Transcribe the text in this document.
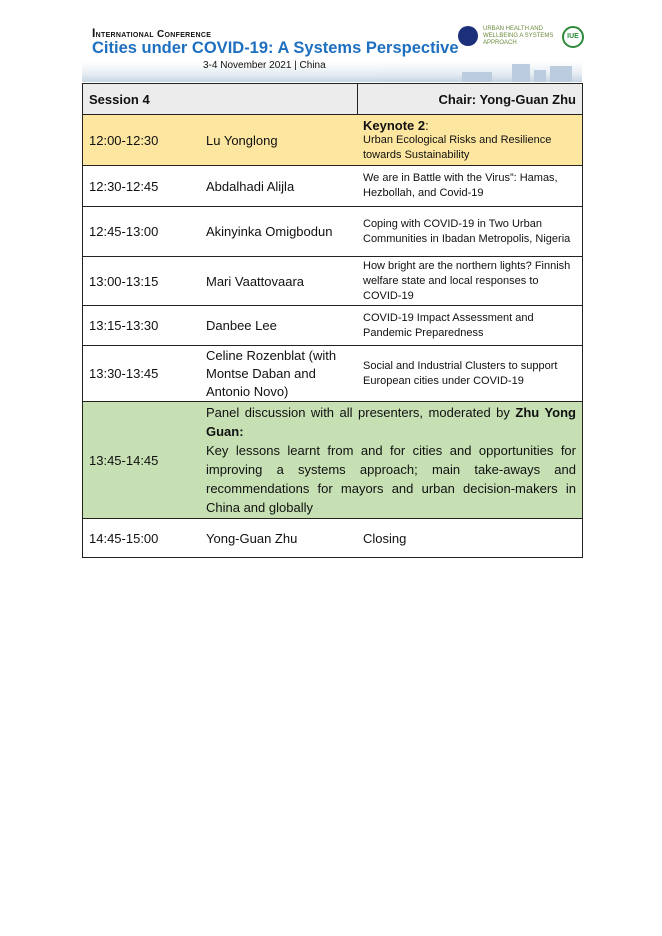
International Conference
Cities under COVID-19: A Systems Perspective
3-4 November 2021 | China
URBAN HEALTH AND WELLBEING A SYSTEMS APPROACH
IUE
Session 4		Chair: Yong-Guan Zhu
12:00-12:30	Lu Yonglong	Keynote 2:
Urban Ecological Risks and Resilience towards Sustainability

12:30-12:45	Abdalhadi Alijla	We are in Battle with the Virus”: Hamas, Hezbollah, and Covid-19
12:45-13:00	Akinyinka Omigbodun	Coping with COVID-19 in Two Urban Communities in Ibadan Metropolis, Nigeria
13:00-13:15	Mari Vaattovaara	How bright are the northern lights? Finnish welfare state and local responses to COVID-19
13:15-13:30	Danbee Lee	COVID-19 Impact Assessment and Pandemic Preparedness
13:30-13:45	Celine Rozenblat (with Montse Daban and Antonio Novo)	Social and Industrial Clusters to support European cities under COVID-19
13:45-14:45	Panel discussion with all presenters, moderated by Zhu Yong Guan:
Key lessons learnt from and for cities and opportunities for improving a systems approach; main take-aways and recommendations for mayors and urban decision-makers in China and globally	
14:45-15:00	Yong-Guan Zhu	Closing
